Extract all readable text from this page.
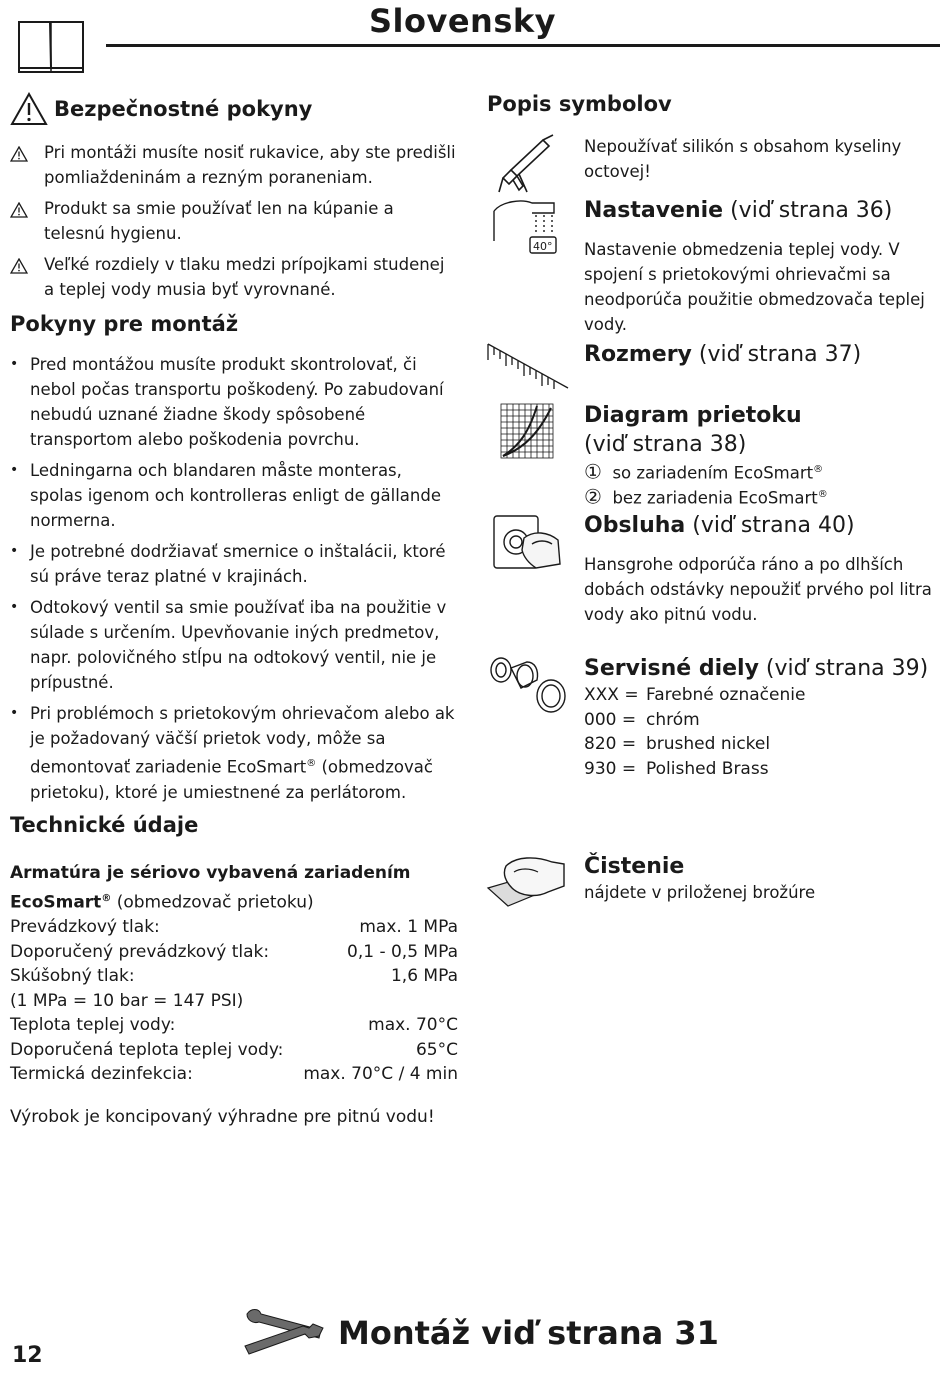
Slovensky
Bezpečnostné pokyny
Pri montáži musíte nosiť rukavice, aby ste predišli pomliaždeninám a rezným poraneniam.
Produkt sa smie používať len na kúpanie a telesnú hygienu.
Veľké rozdiely v tlaku medzi prípojkami studenej a teplej vody musia byť vyrovnané.
Pokyny pre montáž
• Pred montážou musíte produkt skontrolovať, či nebol počas transportu poškodený. Po zabudovaní nebudú uznané žiadne škody spôsobené transportom alebo poškodenia povrchu.
• Ledningarna och blandaren måste monteras, spolas igenom och kontrolleras enligt de gällande normerna.
• Je potrebné dodržiavať smernice o inštalácii, ktoré sú práve teraz platné v krajinách.
• Odtokový ventil sa smie používať iba na použitie v súlade s určením. Upevňovanie iných predmetov, napr. polovičného stĺpu na odtokový ventil, nie je prípustné.
• Pri problémoch s prietokovým ohrievačom alebo ak je požadovaný väčší prietok vody, môže sa demontovať zariadenie EcoSmart® (obmedzovač prietoku), ktoré je umiestnené za perlátorom.
Technické údaje
Armatúra je sériovo vybavená zariadením
EcoSmart® (obmedzovač prietoku)
Prevádzkový tlak:	max. 1 MPa
Doporučený prevádzkový tlak:	0,1 - 0,5 MPa
Skúšobný tlak:	1,6 MPa
(1 MPa = 10 bar = 147 PSI)
Teplota teplej vody:	max. 70°C
Doporučená teplota teplej vody:	65°C
Termická dezinfekcia:	max. 70°C / 4 min
Výrobok je koncipovaný výhradne pre pitnú vodu!
Popis symbolov
Nepoužívať silikón s obsahom kyseliny octovej!
40°
Nastavenie (viď strana 36)
Nastavenie obmedzenia teplej vody. V spojení s prietokovými ohrievačmi sa neodporúča použitie obmedzovača teplej vody.
Rozmery (viď strana 37)
Diagram prietoku
(viď strana 38)
① so zariadením EcoSmart®
② bez zariadenia EcoSmart®
Obsluha (viď strana 40)
Hansgrohe odporúča ráno a po dlhších dobách odstávky nepoužiť prvého pol litra vody ako pitnú vodu.
Servisné diely (viď strana 39)
XXX = Farebné označenie
000 = chróm
820 = brushed nickel
930 = Polished Brass
Čistenie
nájdete v priloženej brožúre
Montáž viď strana 31
12
